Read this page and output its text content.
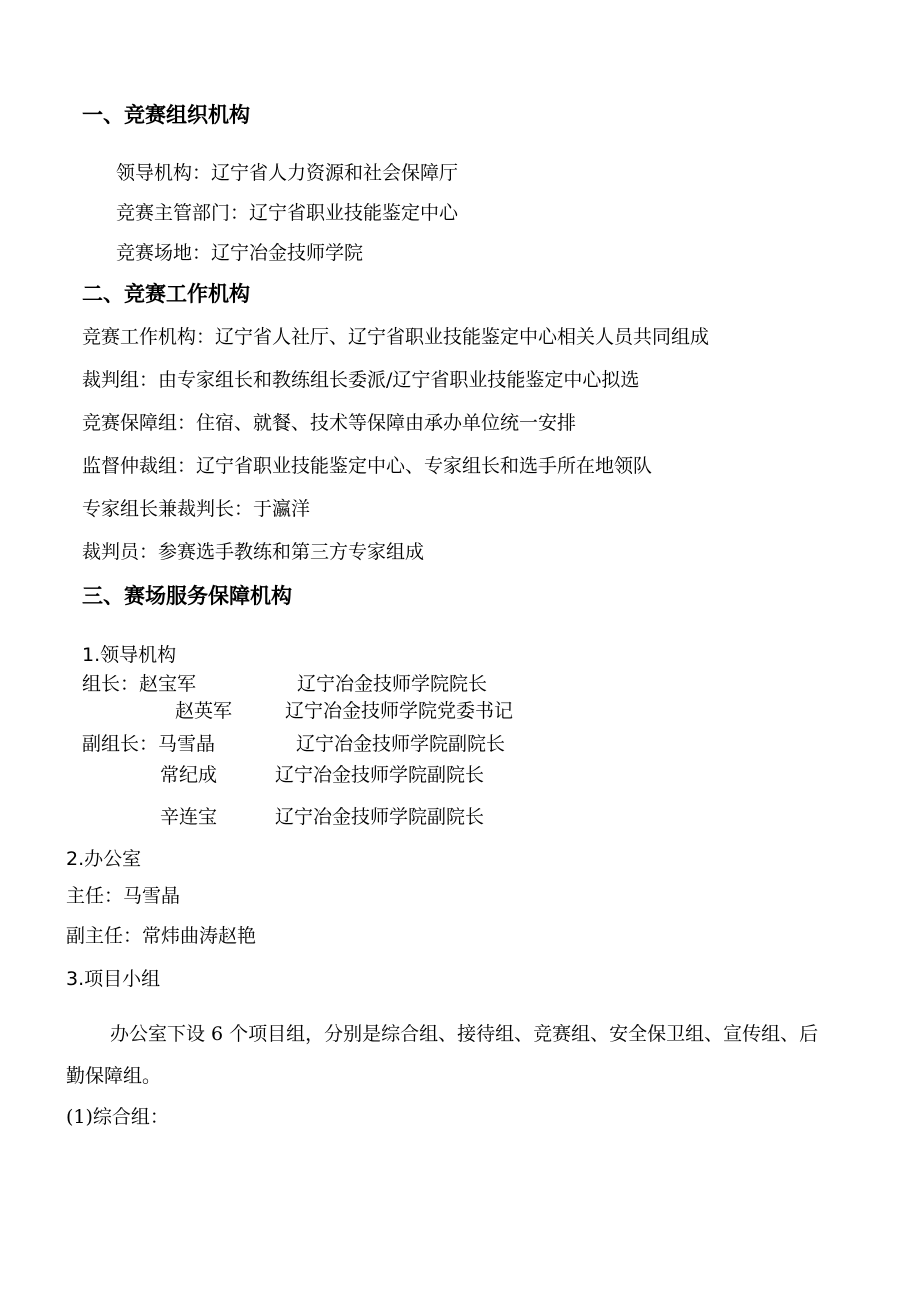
一、竞赛组织机构
领导机构：辽宁省人力资源和社会保障厅
竞赛主管部门：辽宁省职业技能鉴定中心
竞赛场地：辽宁冶金技师学院
二、竞赛工作机构
竞赛工作机构：辽宁省人社厅、辽宁省职业技能鉴定中心相关人员共同组成
裁判组：由专家组长和教练组长委派/辽宁省职业技能鉴定中心拟选
竞赛保障组：住宿、就餐、技术等保障由承办单位统一安排
监督仲裁组：辽宁省职业技能鉴定中心、专家组长和选手所在地领队
专家组长兼裁判长：于瀛洋
裁判员：参赛选手教练和第三方专家组成
三、赛场服务保障机构
1.领导机构
组长：赵宝军	辽宁冶金技师学院院长
赵英军	辽宁冶金技师学院党委书记
副组长：马雪晶	辽宁冶金技师学院副院长
常纪成	辽宁冶金技师学院副院长
辛连宝	辽宁冶金技师学院副院长
2.办公室
主任：马雪晶
副主任：常炜曲涛赵艳
3.项目小组
办公室下设 6 个项目组，分别是综合组、接待组、竞赛组、安全保卫组、宣传组、后勤保障组。
(1)综合组：
